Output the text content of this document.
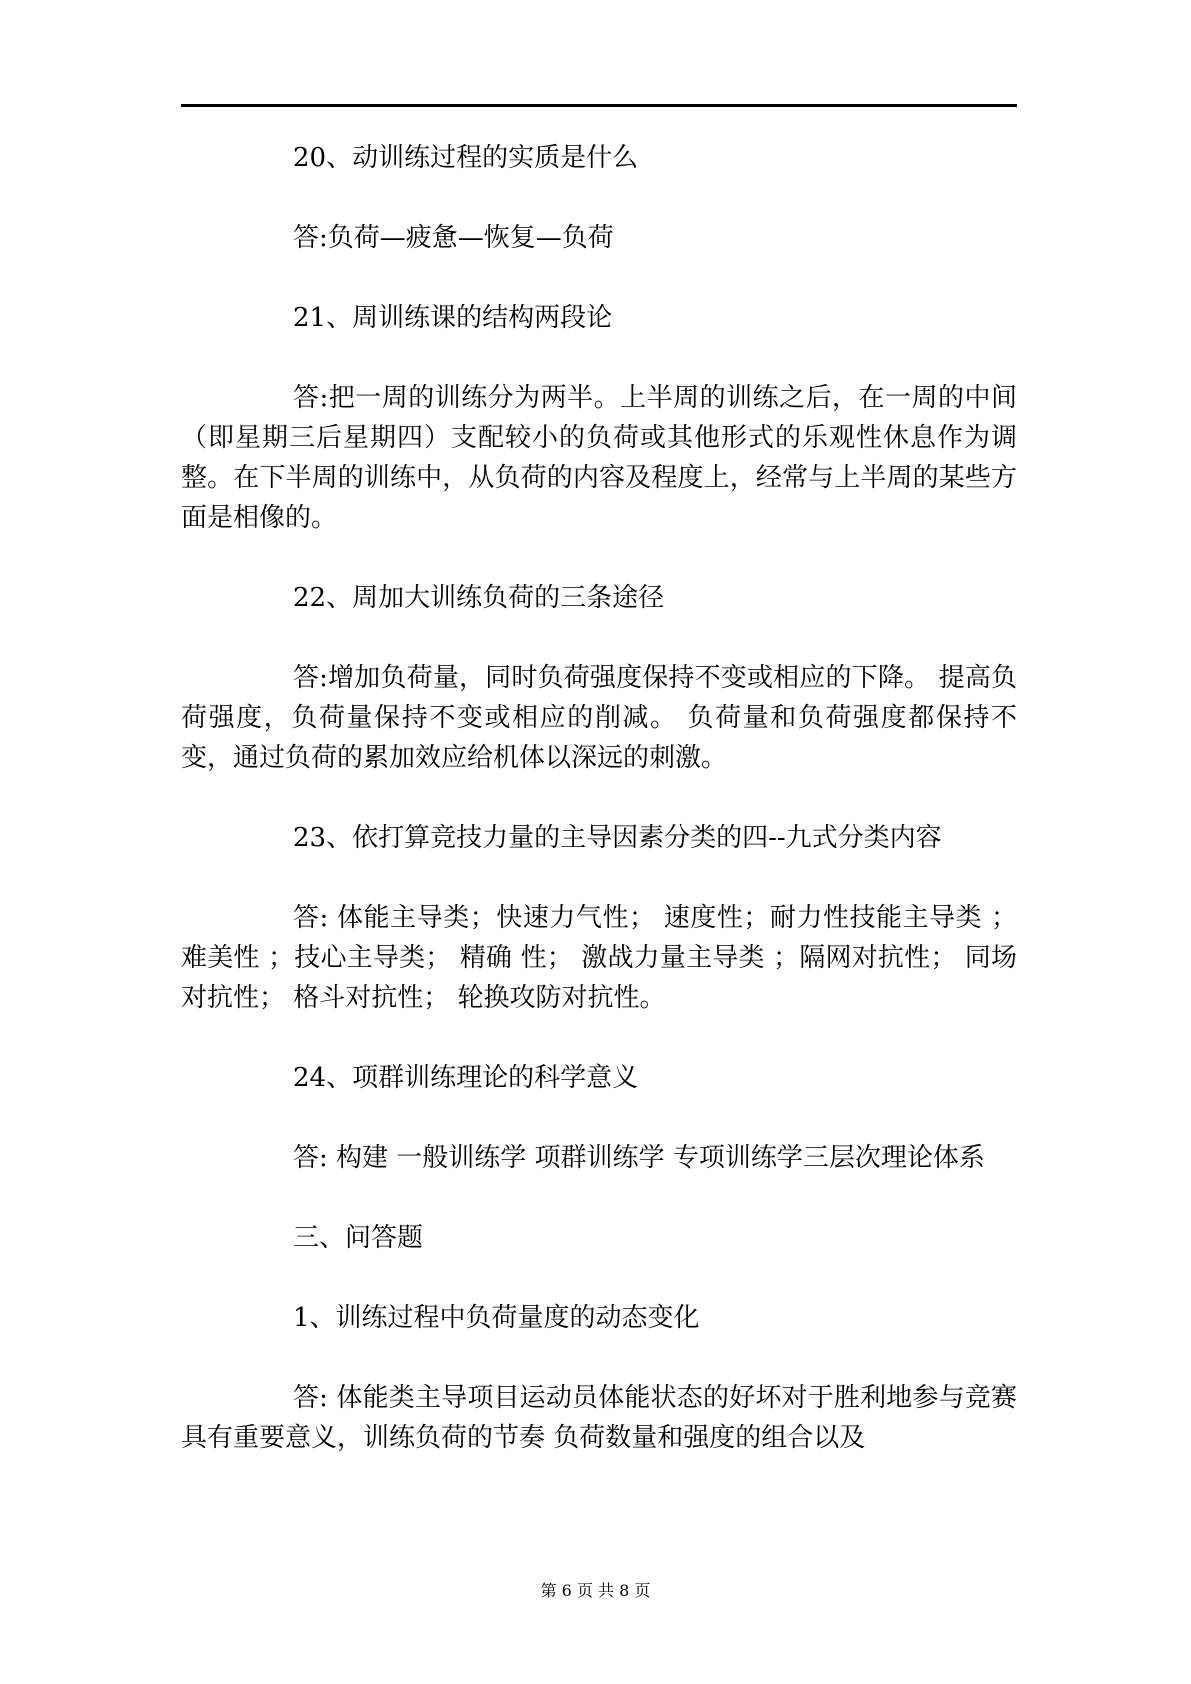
20、动训练过程的实质是什么

答:负荷—疲惫—恢复—负荷

21、周训练课的结构两段论

答:把一周的训练分为两半。上半周的训练之后，在一周的中间（即星期三后星期四）支配较小的负荷或其他形式的乐观性休息作为调整。在下半周的训练中，从负荷的内容及程度上，经常与上半周的某些方面是相像的。

22、周加大训练负荷的三条途径

答:增加负荷量，同时负荷强度保持不变或相应的下降。 提高负荷强度，负荷量保持不变或相应的削减。 负荷量和负荷强度都保持不变，通过负荷的累加效应给机体以深远的刺激。

23、依打算竞技力量的主导因素分类的四--九式分类内容

答: 体能主导类；快速力气性； 速度性；耐力性技能主导类 ； 难美性 ；技心主导类； 精确 性； 激战力量主导类 ；隔网对抗性； 同场对抗性； 格斗对抗性； 轮换攻防对抗性。

24、项群训练理论的科学意义

答: 构建 一般训练学 项群训练学 专项训练学三层次理论体系

三、问答题

1、训练过程中负荷量度的动态变化

答: 体能类主导项目运动员体能状态的好坏对于胜利地参与竞赛具有重要意义，训练负荷的节奏 负荷数量和强度的组合以及

第 6 页 共 8 页
